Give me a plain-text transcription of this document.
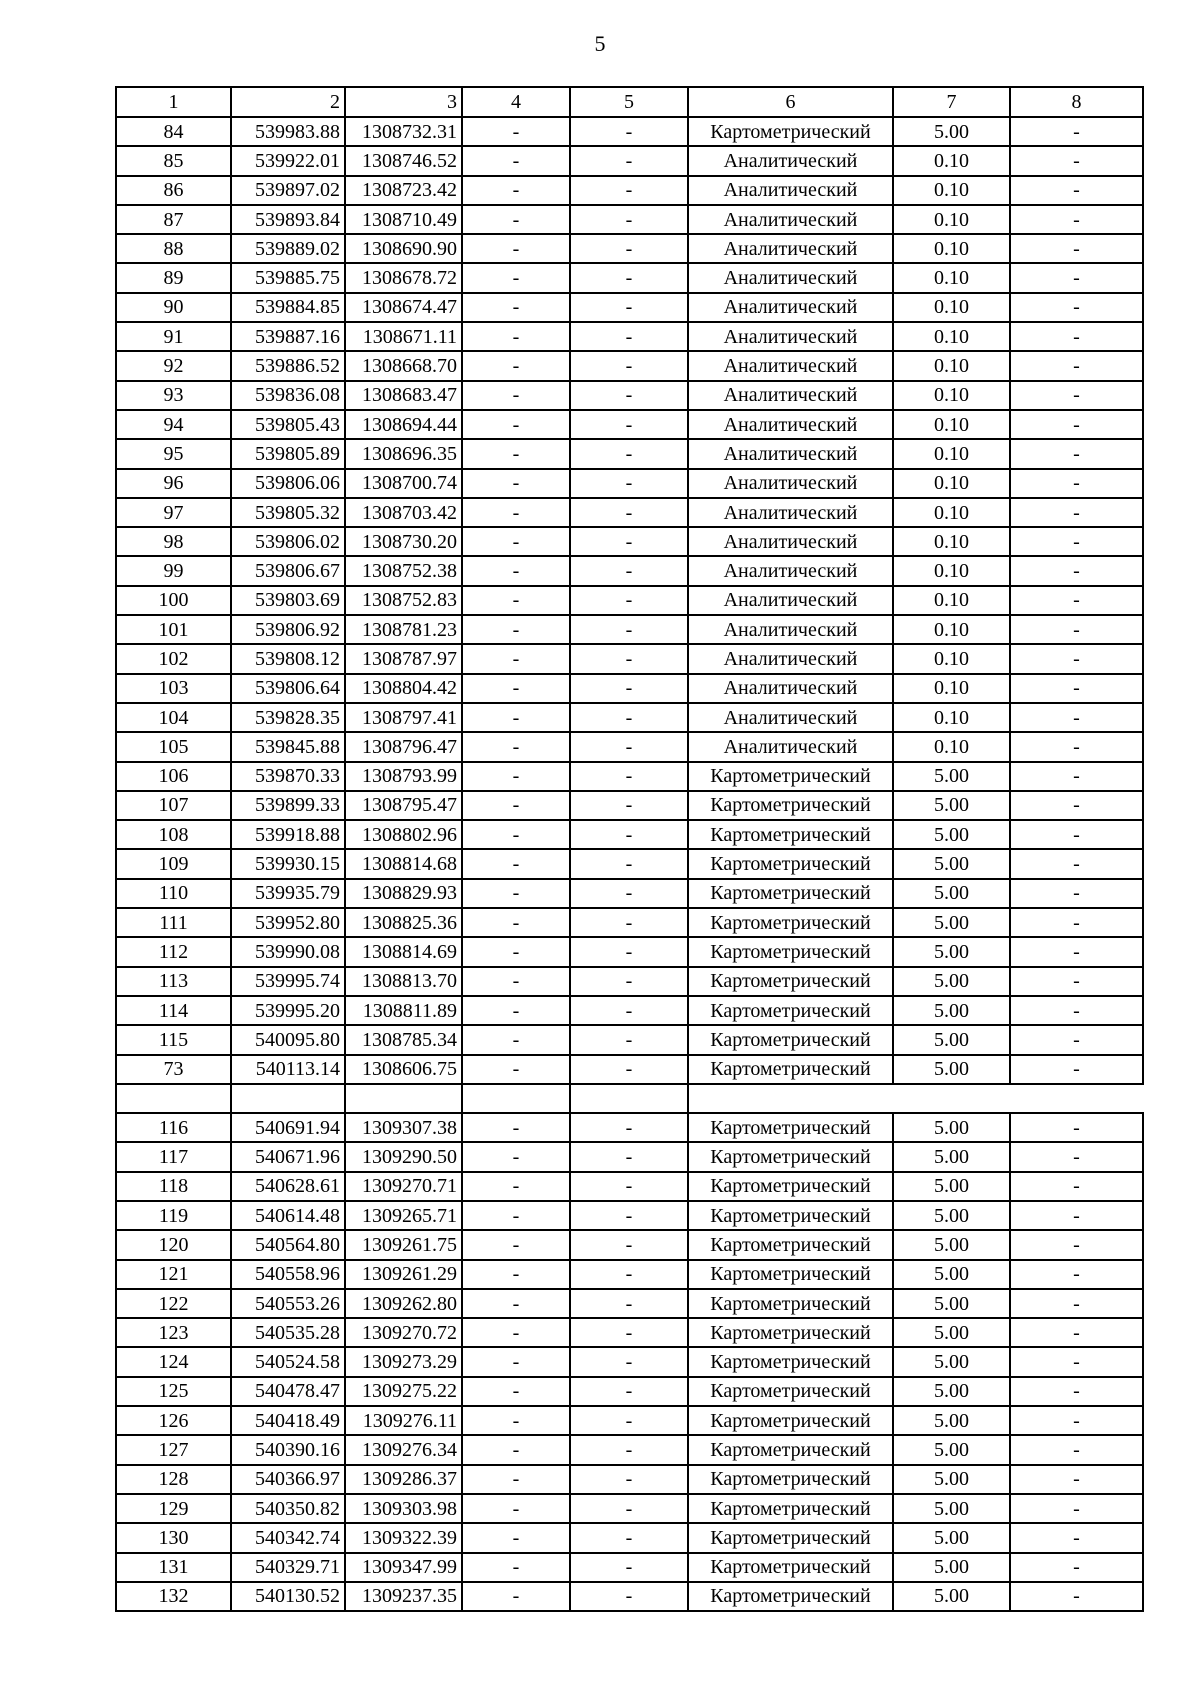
5
1	2	3	4	5	6	7	8
84	539983.88	1308732.31	-	-	Картометрический	5.00	-
85	539922.01	1308746.52	-	-	Аналитический	0.10	-
86	539897.02	1308723.42	-	-	Аналитический	0.10	-
87	539893.84	1308710.49	-	-	Аналитический	0.10	-
88	539889.02	1308690.90	-	-	Аналитический	0.10	-
89	539885.75	1308678.72	-	-	Аналитический	0.10	-
90	539884.85	1308674.47	-	-	Аналитический	0.10	-
91	539887.16	1308671.11	-	-	Аналитический	0.10	-
92	539886.52	1308668.70	-	-	Аналитический	0.10	-
93	539836.08	1308683.47	-	-	Аналитический	0.10	-
94	539805.43	1308694.44	-	-	Аналитический	0.10	-
95	539805.89	1308696.35	-	-	Аналитический	0.10	-
96	539806.06	1308700.74	-	-	Аналитический	0.10	-
97	539805.32	1308703.42	-	-	Аналитический	0.10	-
98	539806.02	1308730.20	-	-	Аналитический	0.10	-
99	539806.67	1308752.38	-	-	Аналитический	0.10	-
100	539803.69	1308752.83	-	-	Аналитический	0.10	-
101	539806.92	1308781.23	-	-	Аналитический	0.10	-
102	539808.12	1308787.97	-	-	Аналитический	0.10	-
103	539806.64	1308804.42	-	-	Аналитический	0.10	-
104	539828.35	1308797.41	-	-	Аналитический	0.10	-
105	539845.88	1308796.47	-	-	Аналитический	0.10	-
106	539870.33	1308793.99	-	-	Картометрический	5.00	-
107	539899.33	1308795.47	-	-	Картометрический	5.00	-
108	539918.88	1308802.96	-	-	Картометрический	5.00	-
109	539930.15	1308814.68	-	-	Картометрический	5.00	-
110	539935.79	1308829.93	-	-	Картометрический	5.00	-
111	539952.80	1308825.36	-	-	Картометрический	5.00	-
112	539990.08	1308814.69	-	-	Картометрический	5.00	-
113	539995.74	1308813.70	-	-	Картометрический	5.00	-
114	539995.20	1308811.89	-	-	Картометрический	5.00	-
115	540095.80	1308785.34	-	-	Картометрический	5.00	-
73	540113.14	1308606.75	-	-	Картометрический	5.00	-

116	540691.94	1309307.38	-	-	Картометрический	5.00	-
117	540671.96	1309290.50	-	-	Картометрический	5.00	-
118	540628.61	1309270.71	-	-	Картометрический	5.00	-
119	540614.48	1309265.71	-	-	Картометрический	5.00	-
120	540564.80	1309261.75	-	-	Картометрический	5.00	-
121	540558.96	1309261.29	-	-	Картометрический	5.00	-
122	540553.26	1309262.80	-	-	Картометрический	5.00	-
123	540535.28	1309270.72	-	-	Картометрический	5.00	-
124	540524.58	1309273.29	-	-	Картометрический	5.00	-
125	540478.47	1309275.22	-	-	Картометрический	5.00	-
126	540418.49	1309276.11	-	-	Картометрический	5.00	-
127	540390.16	1309276.34	-	-	Картометрический	5.00	-
128	540366.97	1309286.37	-	-	Картометрический	5.00	-
129	540350.82	1309303.98	-	-	Картометрический	5.00	-
130	540342.74	1309322.39	-	-	Картометрический	5.00	-
131	540329.71	1309347.99	-	-	Картометрический	5.00	-
132	540130.52	1309237.35	-	-	Картометрический	5.00	-
